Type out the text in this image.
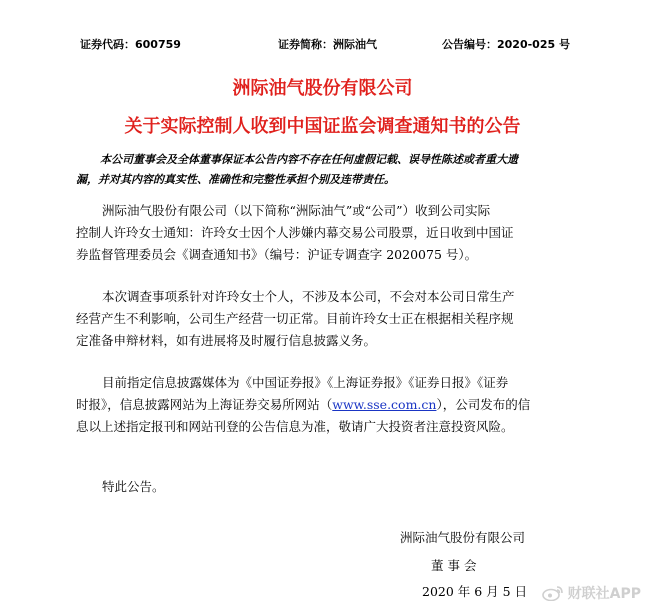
证券代码：600759	证券简称：洲际油气	公告编号：2020-025 号
洲际油气股份有限公司
关于实际控制人收到中国证监会调查通知书的公告
本公司董事会及全体董事保证本公告内容不存在任何虚假记载、误导性陈述或者重大遗
漏，并对其内容的真实性、准确性和完整性承担个别及连带责任。
洲际油气股份有限公司（以下简称“洲际油气”或“公司”）收到公司实际
控制人许玲女士通知：许玲女士因个人涉嫌内幕交易公司股票，近日收到中国证
券监督管理委员会《调查通知书》（编号：沪证专调查字 2020075 号）。
本次调查事项系针对许玲女士个人，不涉及本公司，不会对本公司日常生产
经营产生不利影响，公司生产经营一切正常。目前许玲女士正在根据相关程序规
定准备申辩材料，如有进展将及时履行信息披露义务。
目前指定信息披露媒体为《中国证券报》《上海证券报》《证券日报》《证券
时报》，信息披露网站为上海证券交易所网站（www.sse.com.cn），公司发布的信
息以上述指定报刊和网站刊登的公告信息为准，敬请广大投资者注意投资风险。
特此公告。
洲际油气股份有限公司
董 事 会
2020 年 6 月 5 日	财联社APP
